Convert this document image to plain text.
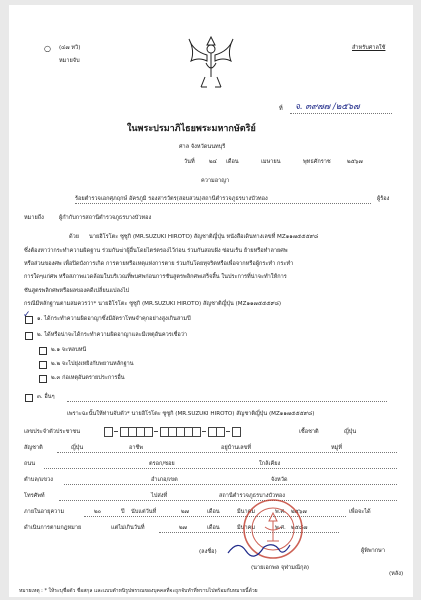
○ (๔๗ ทวิ)
หมายจับ
สำหรับศาลใช้
ที่ จ. ๓๙๗๗ /๒๕๖๗
ในพระปรมาภิไธยพระมหากษัตริย์
ศาล จังหวัดนนทบุรี
วันที่	๒๔ เดือน	เมษายน	พุทธศักราช	๒๕๖๗
ความอาญา
ร้อยตำรวจเอกศุภฤกษ์ อัครภูมิ รองสารวัตร(สอบสวน)สถานีตำรวจภูธรบางบัวทอง	ผู้ร้อง
หมายถึง	ผู้กำกับการสถานีตำรวจภูธรบางบัวทอง
ด้วย นายฮิโรโตะ ซูซูกิ (MR.SUZUKI HIROTO) สัญชาติญี่ปุ่น หนังสือเดินทางเลขที่ MZ๑๑๗๕๕๕๙๘
ซึ่งต้องหาว่ากระทำความผิดฐาน ร่วมกันฆ่าผู้อื่นโดยไตร่ตรองไว้ก่อน ร่วมกันสอบฝัง ซ่อนเร้น ย้ายหรือทำลายศพ
หรือส่วนของศพ เพื่อปิดบังการเกิด การตายหรือเหตุแห่งการตาย ร่วมกันโดยทุจริตหรือเพื่อจากหรือผู้กระทำ กระทำ
การใดๆแก่ศพ หรือสภาพแวดล้อมในบริเวณที่พบศพก่อนการชันสูตรพลิกศพเสร็จสิ้น ในประการที่น่าจะทำให้การ
ชันสูตรพลิกศพหรือผลของคดีเปลี่ยนแปลงไป
กรณีมีหลักฐานตามสมควรว่า* นายฮิโรโตะ ซูซูกิ (MR.SUZUKI HIROTO) สัญชาติญี่ปุ่น (MZ๑๑๗๕๕๕๙๘)
✓ ๑. ได้กระทำความผิดอาญาซึ่งมีอัตราโทษจำคุกอย่างสูงเกินสามปี
๒. ได้หรือน่าจะได้กระทำความผิดอาญาและมีเหตุอันควรเชื่อว่า
๒.๑ จะหลบหนี
๒.๒ จะไปยุ่งเหยิงกับพยานหลักฐาน
๒.๓ ก่อเหตุอันตรายประการอื่น
๓. อื่นๆ
เพราะฉะนั้นให้ท่านจับตัว* นายฮิโรโตะ ซูซูกิ (MR.SUZUKI HIROTO) สัญชาติญี่ปุ่น (MZ๑๑๗๕๕๕๙๘)
เลขประจำตัวประชาชน	เชื้อชาติ	ญี่ปุ่น
สัญชาติ	ญี่ปุ่น	อาชีพ	อยู่บ้านเลขที่	หมู่ที่
ถนน	ตรอก/ซอย	ใกล้เคียง
ตำบล/แขวง	อำเภอ/เขต	จังหวัด
โทรศัพท์	ไปส่งที่	สถานีตำรวจภูธรบางบัวทอง
ภายในอายุความ	๒๐	ปี นับแต่วันที่	๒๗	เดือน	มีนาคม	พ.ศ. ๒๕๖๗	เพื่อจะได้
ดำเนินการตามกฎหมาย	แต่ไม่เกินวันที่	๒๗	เดือน	มีนาคม	พ.ศ. ๒๕๘๗
(ลงชื่อ)	ผู้พิพากษา
(นายเอกพล จุฬามณีกุล)
(หลัง)
หมายเหตุ : * ให้ระบุชื่อตัว ชื่อสกุล และแบบตำหนิรูปพรรณของบุคคลที่จะถูกจับทำที่ทราบไปพร้อมกับหมายนี้ด้วย
